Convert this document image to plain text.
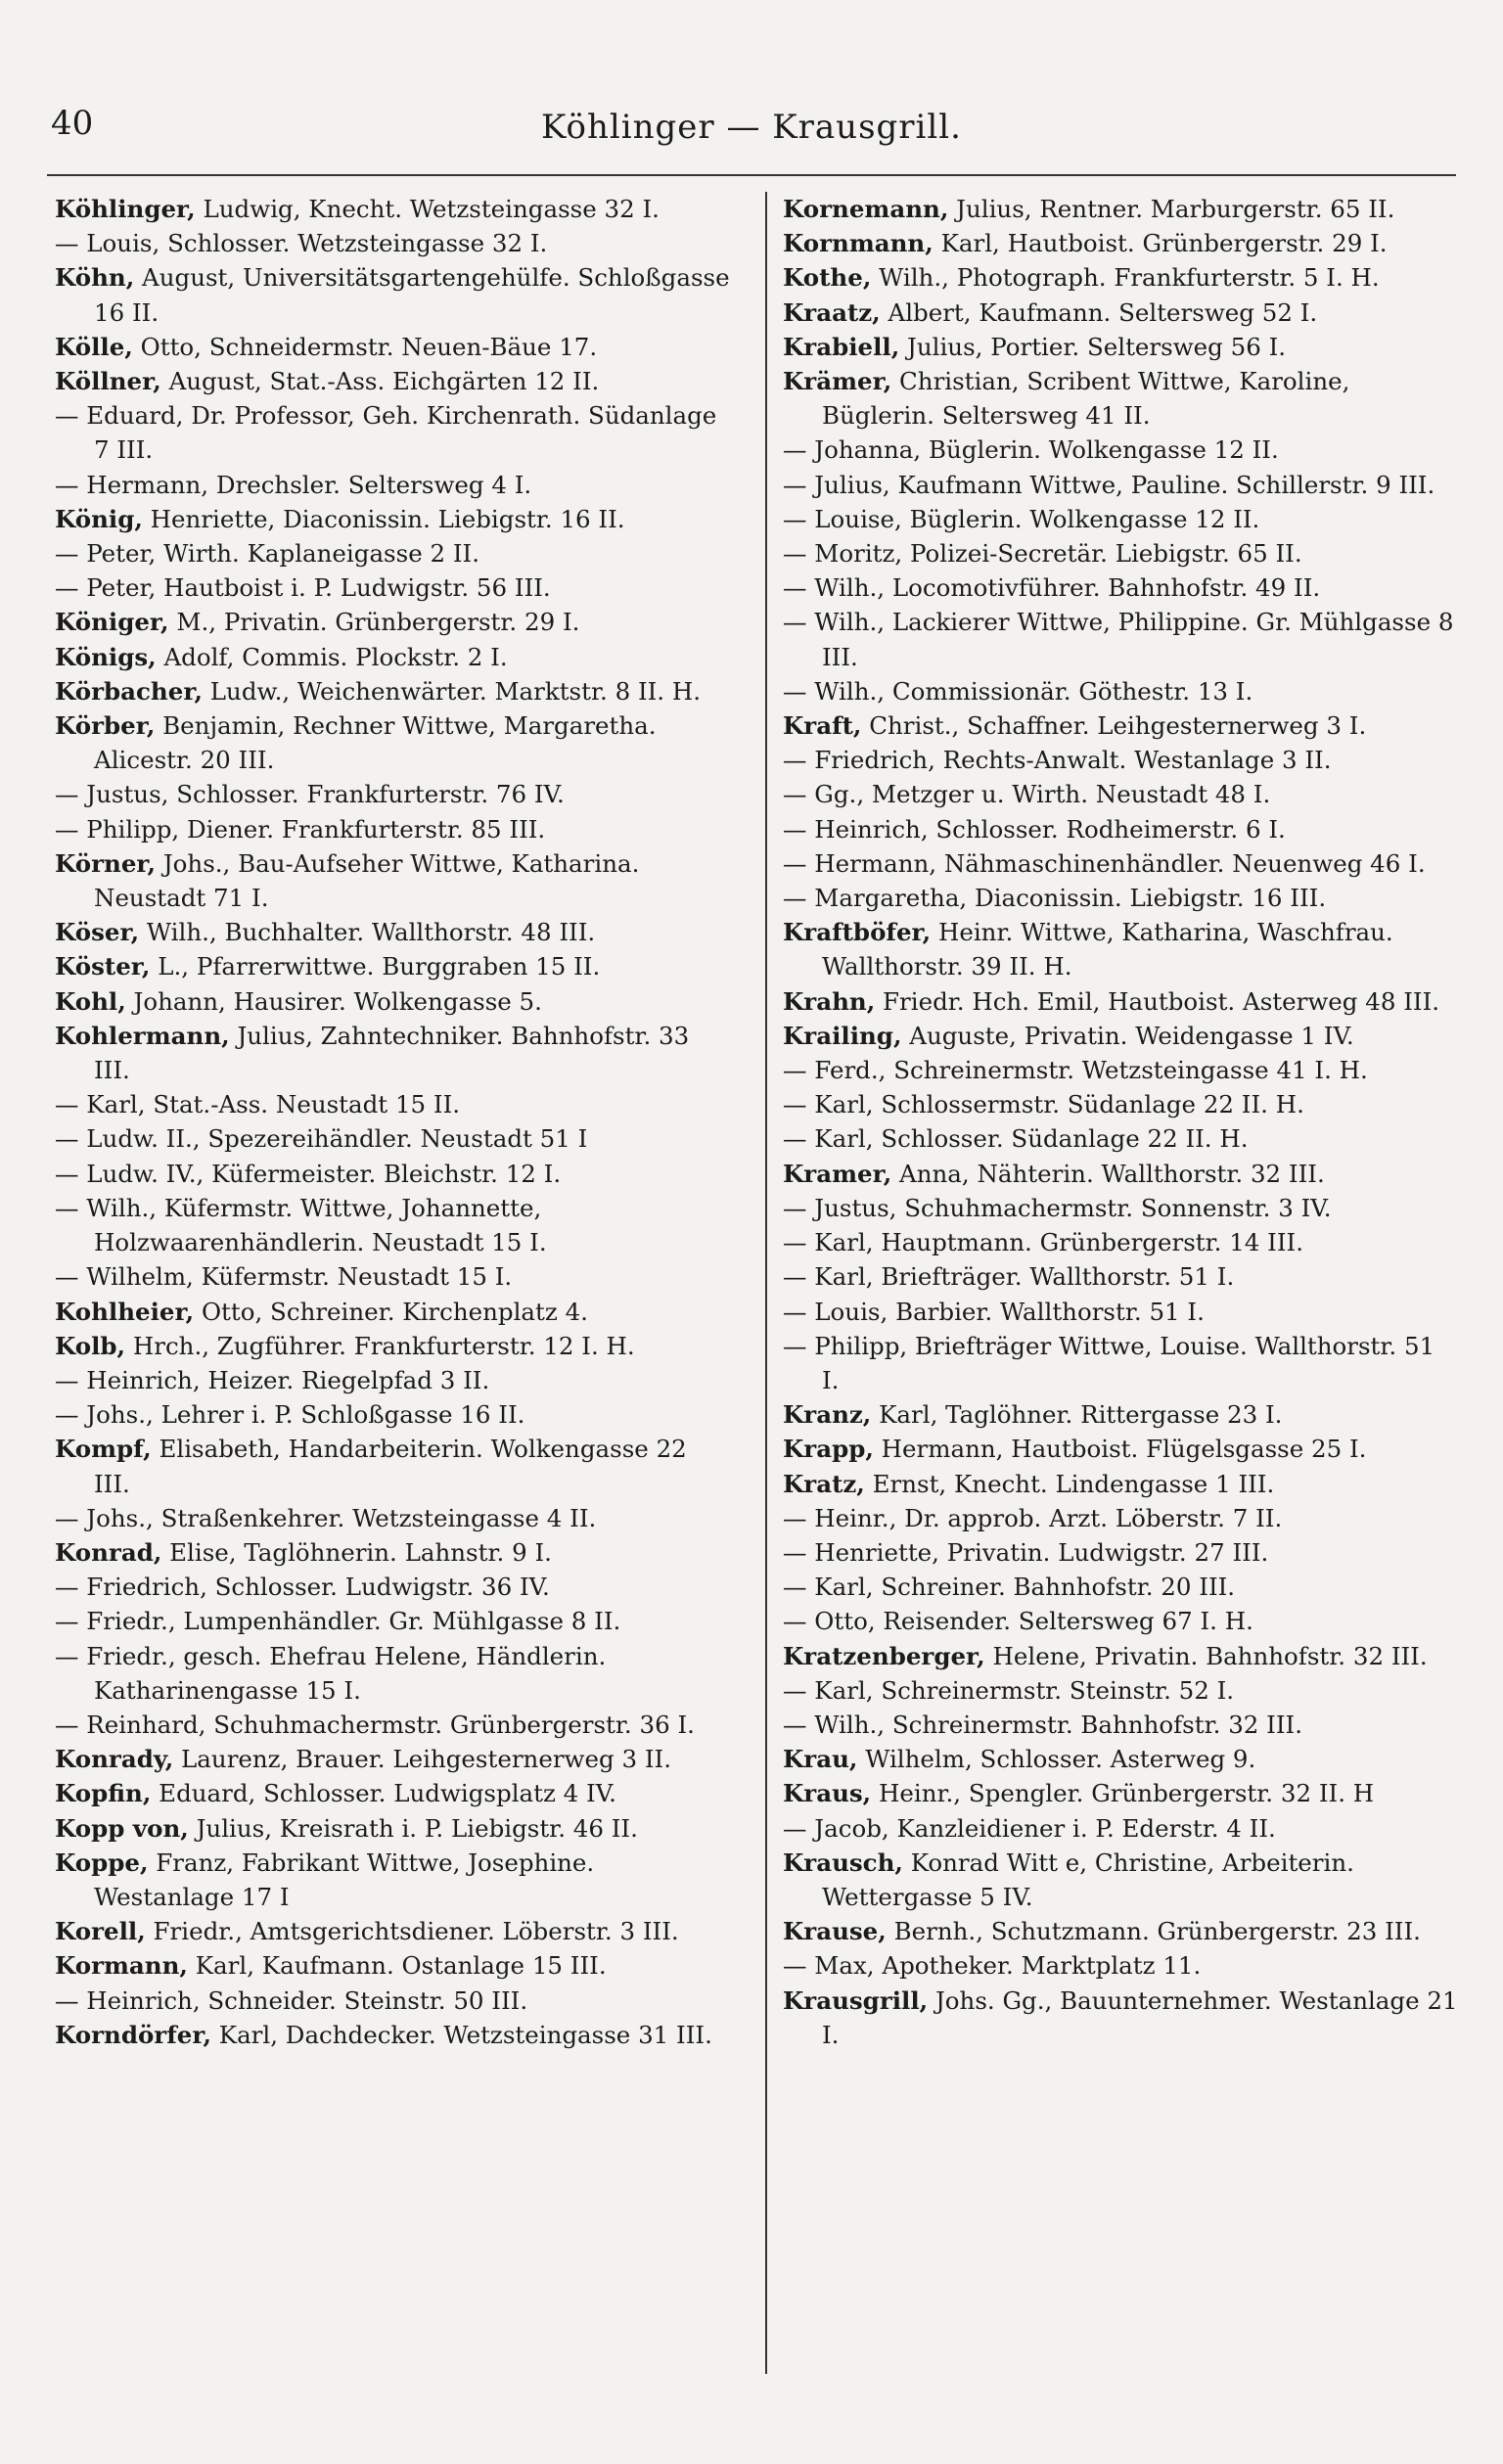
40	Köhlinger — Krausgrill.

Köhlinger, Ludwig, Knecht. Wetzsteingasse 32 I.

— Louis, Schlosser. Wetzsteingasse 32 I.

Köhn, August, Universitätsgartengehülfe. Schloßgasse 16 II.

Kölle, Otto, Schneidermstr. Neuen-Bäue 17.

Köllner, August, Stat.-Ass. Eichgärten 12 II.

— Eduard, Dr. Professor, Geh. Kirchenrath. Südanlage 7 III.

— Hermann, Drechsler. Seltersweg 4 I.

König, Henriette, Diaconissin. Liebigstr. 16 II.

— Peter, Wirth. Kaplaneigasse 2 II.

— Peter, Hautboist i. P. Ludwigstr. 56 III.

Königer, M., Privatin. Grünbergerstr. 29 I.

Königs, Adolf, Commis. Plockstr. 2 I.

Körbacher, Ludw., Weichenwärter. Marktstr. 8 II. H.

Körber, Benjamin, Rechner Wittwe, Margaretha. Alicestr. 20 III.

— Justus, Schlosser. Frankfurterstr. 76 IV.

— Philipp, Diener. Frankfurterstr. 85 III.

Körner, Johs., Bau-Aufseher Wittwe, Katharina. Neustadt 71 I.

Köser, Wilh., Buchhalter. Wallthorstr. 48 III.

Köster, L., Pfarrerwittwe. Burggraben 15 II.

Kohl, Johann, Hausirer. Wolkengasse 5.

Kohlermann, Julius, Zahntechniker. Bahnhofstr. 33 III.

— Karl, Stat.-Ass. Neustadt 15 II.

— Ludw. II., Spezereihändler. Neustadt 51 I

— Ludw. IV., Küfermeister. Bleichstr. 12 I.

— Wilh., Küfermstr. Wittwe, Johannette, Holzwaarenhändlerin. Neustadt 15 I.

— Wilhelm, Küfermstr. Neustadt 15 I.

Kohlheier, Otto, Schreiner. Kirchenplatz 4.

Kolb, Hrch., Zugführer. Frankfurterstr. 12 I. H.

— Heinrich, Heizer. Riegelpfad 3 II.

— Johs., Lehrer i. P. Schloßgasse 16 II.

Kompf, Elisabeth, Handarbeiterin. Wolkengasse 22 III.

— Johs., Straßenkehrer. Wetzsteingasse 4 II.

Konrad, Elise, Taglöhnerin. Lahnstr. 9 I.

— Friedrich, Schlosser. Ludwigstr. 36 IV.

— Friedr., Lumpenhändler. Gr. Mühlgasse 8 II.

— Friedr., gesch. Ehefrau Helene, Händlerin. Katharinengasse 15 I.

— Reinhard, Schuhmachermstr. Grünbergerstr. 36 I.

Konrady, Laurenz, Brauer. Leihgesternerweg 3 II.

Kopfin, Eduard, Schlosser. Ludwigsplatz 4 IV.

Kopp von, Julius, Kreisrath i. P. Liebigstr. 46 II.

Koppe, Franz, Fabrikant Wittwe, Josephine. Westanlage 17 I

Korell, Friedr., Amtsgerichtsdiener. Löberstr. 3 III.

Kormann, Karl, Kaufmann. Ostanlage 15 III.

— Heinrich, Schneider. Steinstr. 50 III.

Korndörfer, Karl, Dachdecker. Wetzsteingasse 31 III.

Kornemann, Julius, Rentner. Marburgerstr. 65 II.

Kornmann, Karl, Hautboist. Grünbergerstr. 29 I.

Kothe, Wilh., Photograph. Frankfurterstr. 5 I. H.

Kraatz, Albert, Kaufmann. Seltersweg 52 I.

Krabiell, Julius, Portier. Seltersweg 56 I.

Krämer, Christian, Scribent Wittwe, Karoline, Büglerin. Seltersweg 41 II.

— Johanna, Büglerin. Wolkengasse 12 II.

— Julius, Kaufmann Wittwe, Pauline. Schillerstr. 9 III.

— Louise, Büglerin. Wolkengasse 12 II.

— Moritz, Polizei-Secretär. Liebigstr. 65 II.

— Wilh., Locomotivführer. Bahnhofstr. 49 II.

— Wilh., Lackierer Wittwe, Philippine. Gr. Mühlgasse 8 III.

— Wilh., Commissionär. Göthestr. 13 I.

Kraft, Christ., Schaffner. Leihgesternerweg 3 I.

— Friedrich, Rechts-Anwalt. Westanlage 3 II.

— Gg., Metzger u. Wirth. Neustadt 48 I.

— Heinrich, Schlosser. Rodheimerstr. 6 I.

— Hermann, Nähmaschinenhändler. Neuenweg 46 I.

— Margaretha, Diaconissin. Liebigstr. 16 III.

Kraftböfer, Heinr. Wittwe, Katharina, Waschfrau. Wallthorstr. 39 II. H.

Krahn, Friedr. Hch. Emil, Hautboist. Asterweg 48 III.

Krailing, Auguste, Privatin. Weidengasse 1 IV.

— Ferd., Schreinermstr. Wetzsteingasse 41 I. H.

— Karl, Schlossermstr. Südanlage 22 II. H.

— Karl, Schlosser. Südanlage 22 II. H.

Kramer, Anna, Nähterin. Wallthorstr. 32 III.

— Justus, Schuhmachermstr. Sonnenstr. 3 IV.

— Karl, Hauptmann. Grünbergerstr. 14 III.

— Karl, Briefträger. Wallthorstr. 51 I.

— Louis, Barbier. Wallthorstr. 51 I.

— Philipp, Briefträger Wittwe, Louise. Wallthorstr. 51 I.

Kranz, Karl, Taglöhner. Rittergasse 23 I.

Krapp, Hermann, Hautboist. Flügelsgasse 25 I.

Kratz, Ernst, Knecht. Lindengasse 1 III.

— Heinr., Dr. approb. Arzt. Löberstr. 7 II.

— Henriette, Privatin. Ludwigstr. 27 III.

— Karl, Schreiner. Bahnhofstr. 20 III.

— Otto, Reisender. Seltersweg 67 I. H.

Kratzenberger, Helene, Privatin. Bahnhofstr. 32 III.

— Karl, Schreinermstr. Steinstr. 52 I.

— Wilh., Schreinermstr. Bahnhofstr. 32 III.

Krau, Wilhelm, Schlosser. Asterweg 9.

Kraus, Heinr., Spengler. Grünbergerstr. 32 II. H

— Jacob, Kanzleidiener i. P. Ederstr. 4 II.

Krausch, Konrad Witt e, Christine, Arbeiterin. Wettergasse 5 IV.

Krause, Bernh., Schutzmann. Grünbergerstr. 23 III.

— Max, Apotheker. Marktplatz 11.

Krausgrill, Johs. Gg., Bauunternehmer. Westanlage 21 I.
